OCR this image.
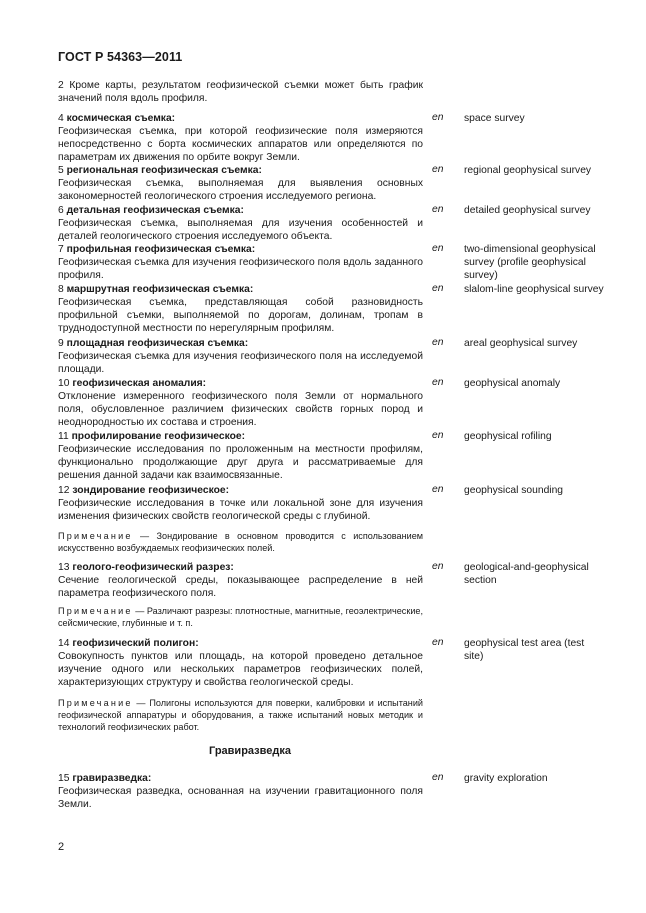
ГОСТ Р 54363—2011
2 Кроме карты, результатом геофизической съемки может быть график значений поля вдоль профиля.
4 космическая съемка:
Геофизическая съемка, при которой геофизические поля измеряются непосредственно с борта космических аппаратов или определяются по параметрам их движения по орбите вокруг Земли.
en space survey
5 региональная геофизическая съемка:
Геофизическая съемка, выполняемая для выявления основных закономерностей геологического строения исследуемого региона.
en regional geophysical survey
6 детальная геофизическая съемка:
Геофизическая съемка, выполняемая для изучения особенностей и деталей геологического строения исследуемого объекта.
en detailed geophysical survey
7 профильная геофизическая съемка:
Геофизическая съемка для изучения геофизического поля вдоль заданного профиля.
en two-dimensional geophysical survey (profile geophysical survey)
8 маршрутная геофизическая съемка:
Геофизическая съемка, представляющая собой разновидность профильной съемки, выполняемой по дорогам, долинам, тропам в труднодоступной местности по нерегулярным профилям.
en slalom-line geophysical survey
9 площадная геофизическая съемка:
Геофизическая съемка для изучения геофизического поля на исследуемой площади.
en areal geophysical survey
10 геофизическая аномалия:
Отклонение измеренного геофизического поля Земли от нормального поля, обусловленное различием физических свойств горных пород и неоднородностью их состава и строения.
en geophysical anomaly
11 профилирование геофизическое:
Геофизические исследования по проложенным на местности профилям, функционально продолжающие друг друга и рассматриваемые для решения данной задачи как взаимосвязанные.
en geophysical rofiling
12 зондирование геофизическое:
Геофизические исследования в точке или локальной зоне для изучения изменения физических свойств геологической среды с глубиной.
en geophysical sounding
Примечание — Зондирование в основном проводится с использованием искусственно возбуждаемых геофизических полей.
13 геолого-геофизический разрез:
Сечение геологической среды, показывающее распределение в ней параметра геофизического поля.
en geological-and-geophysical section
Примечание — Различают разрезы: плотностные, магнитные, геоэлектрические, сейсмические, глубинные и т. п.
14 геофизический полигон:
Совокупность пунктов или площадь, на которой проведено детальное изучение одного или нескольких параметров геофизических полей, характеризующих структуру и свойства геологической среды.
en geophysical test area (test site)
Примечание — Полигоны используются для поверки, калибровки и испытаний геофизической аппаратуры и оборудования, а также испытаний новых методик и технологий геофизических работ.
Гравиразведка
15 гравиразведка:
Геофизическая разведка, основанная на изучении гравитационного поля Земли.
en gravity exploration
2
